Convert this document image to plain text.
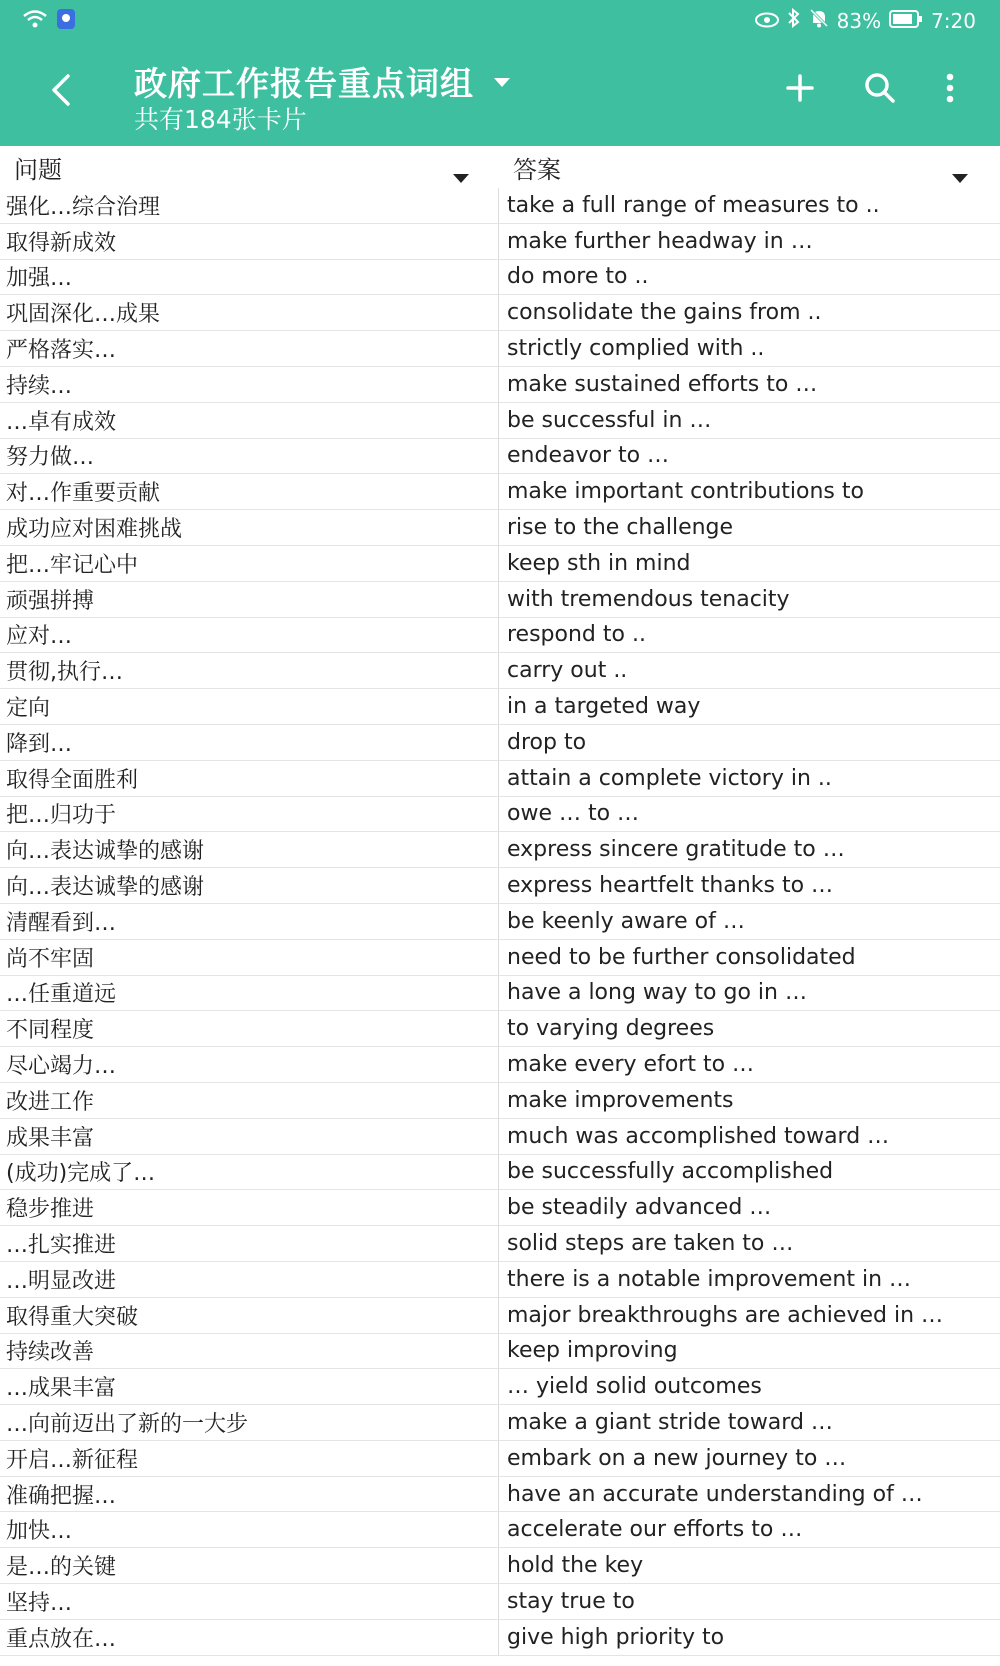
83%	7:20
政府工作报告重点词组
共有184张卡片
问题	答案
强化…综合治理	take a full range of measures to ..
取得新成效	make further headway in …
加强…	do more to ..
巩固深化…成果	consolidate the gains from ..
严格落实…	strictly complied with ..
持续…	make sustained efforts to …
…卓有成效	be successful in …
努力做…	endeavor to …
对…作重要贡献	make important contributions to
成功应对困难挑战	rise to the challenge
把…牢记心中	keep sth in mind
顽强拼搏	with tremendous tenacity
应对…	respond to ..
贯彻,执行…	carry out ..
定向	in a targeted way
降到…	drop to
取得全面胜利	attain a complete victory in ..
把…归功于	owe … to …
向…表达诚挚的感谢	express sincere gratitude to …
向…表达诚挚的感谢	express heartfelt thanks to …
清醒看到…	be keenly aware of …
尚不牢固	need to be further consolidated
…任重道远	have a long way to go in …
不同程度	to varying degrees
尽心竭力…	make every efort to …
改进工作	make improvements
成果丰富	much was accomplished toward …
(成功)完成了…	be successfully accomplished
稳步推进	be steadily advanced …
…扎实推进	solid steps are taken to …
…明显改进	there is a notable improvement in …
取得重大突破	major breakthroughs are achieved in …
持续改善	keep improving
…成果丰富	… yield solid outcomes
…向前迈出了新的一大步	make a giant stride toward …
开启…新征程	embark on a new journey to …
准确把握…	have an accurate understanding of …
加快…	accelerate our efforts to …
是…的关键	hold the key
坚持…	stay true to
重点放在…	give high priority to
